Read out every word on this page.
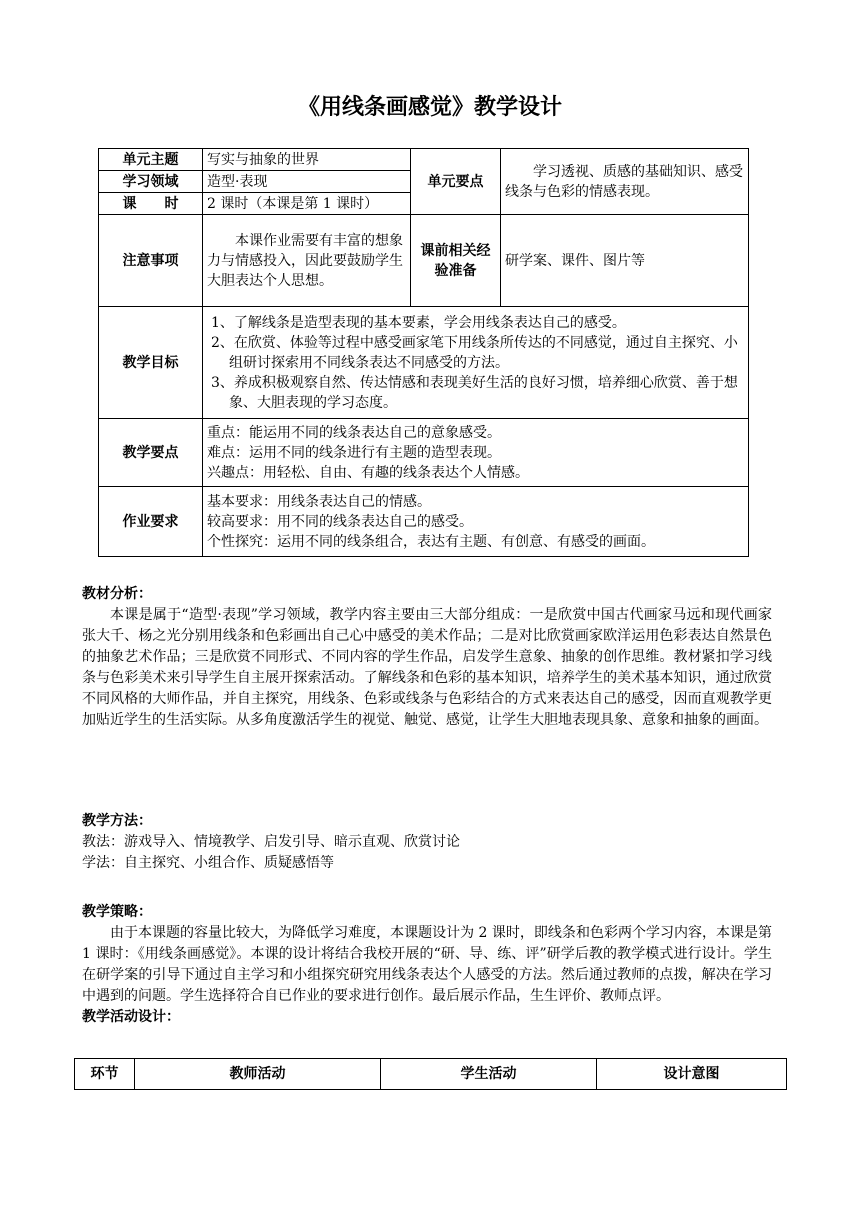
《用线条画感觉》教学设计
单元主题	写实与抽象的世界	单元要点	学习透视、质感的基础知识、感受线条与色彩的情感表现。
学习领域	造型·表现		
课　　时	2 课时（本课是第 1 课时）		
注意事项	本课作业需要有丰富的想象力与情感投入，因此要鼓励学生大胆表达个人思想。	课前相关经验准备	研学案、课件、图片等
教学目标	1、了解线条是造型表现的基本要素，学会用线条表达自己的感受。
2、在欣赏、体验等过程中感受画家笔下用线条所传达的不同感觉，通过自主探究、小组研讨探索用不同线条表达不同感受的方法。
3、养成积极观察自然、传达情感和表现美好生活的良好习惯，培养细心欣赏、善于想象、大胆表现的学习态度。		

教学要点	重点：能运用不同的线条表达自己的意象感受。
难点：运用不同的线条进行有主题的造型表现。
兴趣点：用轻松、自由、有趣的线条表达个人情感。		

作业要求	基本要求：用线条表达自己的情感。
较高要求：用不同的线条表达自己的感受。
个性探究：运用不同的线条组合，表达有主题、有创意、有感受的画面。		
教材分析：

本课是属于“造型·表现”学习领域，教学内容主要由三大部分组成：一是欣赏中国古代画家马远和现代画家张大千、杨之光分别用线条和色彩画出自己心中感受的美术作品；二是对比欣赏画家欧洋运用色彩表达自然景色的抽象艺术作品；三是欣赏不同形式、不同内容的学生作品，启发学生意象、抽象的创作思维。教材紧扣学习线条与色彩美术来引导学生自主展开探索活动。了解线条和色彩的基本知识，培养学生的美术基本知识，通过欣赏不同风格的大师作品，并自主探究，用线条、色彩或线条与色彩结合的方式来表达自己的感受，因而直观教学更加贴近学生的生活实际。从多角度激活学生的视觉、触觉、感觉，让学生大胆地表现具象、意象和抽象的画面。

教学方法：

教法：游戏导入、情境教学、启发引导、暗示直观、欣赏讨论

学法：自主探究、小组合作、质疑感悟等

教学策略：

由于本课题的容量比较大，为降低学习难度，本课题设计为 2 课时，即线条和色彩两个学习内容，本课是第 1 课时：《用线条画感觉》。本课的设计将结合我校开展的“研、导、练、评”研学后教的教学模式进行设计。学生在研学案的引导下通过自主学习和小组探究研究用线条表达个人感受的方法。然后通过教师的点拨，解决在学习中遇到的问题。学生选择符合自已作业的要求进行创作。最后展示作品，生生评价、教师点评。

教学活动设计：
环节	教师活动	学生活动	设计意图
